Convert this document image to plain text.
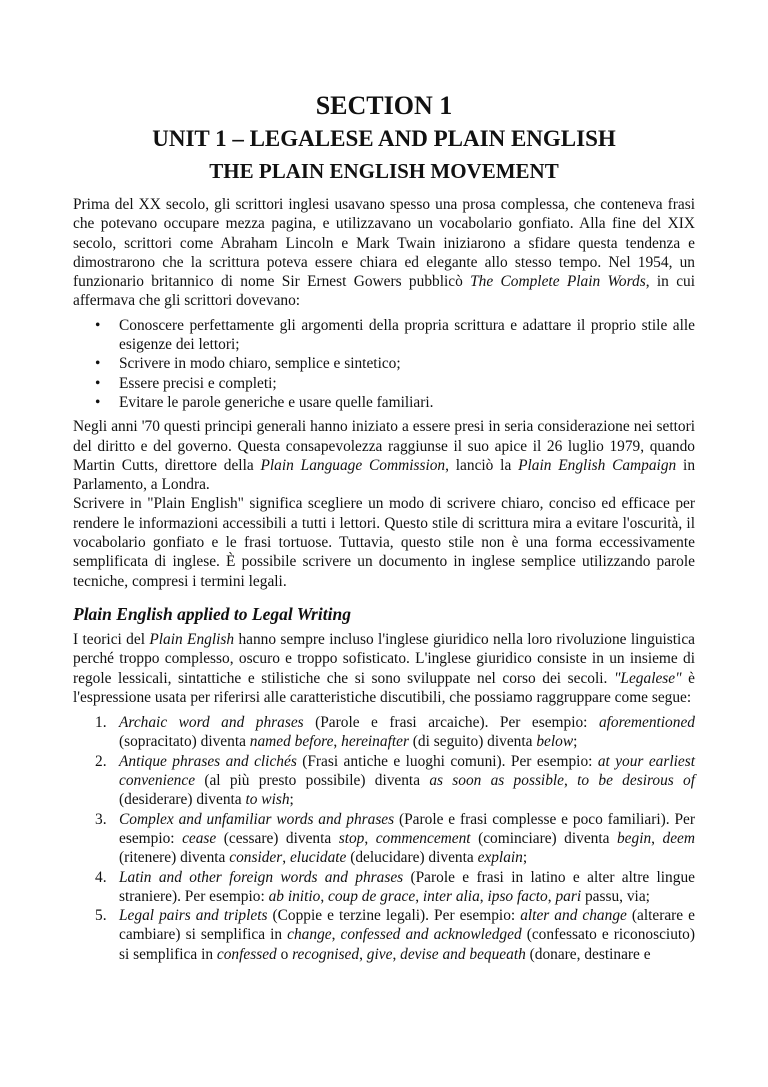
SECTION 1
UNIT 1 – LEGALESE AND PLAIN ENGLISH
THE PLAIN ENGLISH MOVEMENT

Prima del XX secolo, gli scrittori inglesi usavano spesso una prosa complessa, che conteneva frasi che potevano occupare mezza pagina, e utilizzavano un vocabolario gonfiato. Alla fine del XIX secolo, scrittori come Abraham Lincoln e Mark Twain iniziarono a sfidare questa tendenza e dimostrarono che la scrittura poteva essere chiara ed elegante allo stesso tempo. Nel 1954, un funzionario britannico di nome Sir Ernest Gowers pubblicò The Complete Plain Words, in cui affermava che gli scrittori dovevano:

• Conoscere perfettamente gli argomenti della propria scrittura e adattare il proprio stile alle esigenze dei lettori;
• Scrivere in modo chiaro, semplice e sintetico;
• Essere precisi e completi;
• Evitare le parole generiche e usare quelle familiari.

Negli anni '70 questi principi generali hanno iniziato a essere presi in seria considerazione nei settori del diritto e del governo. Questa consapevolezza raggiunse il suo apice il 26 luglio 1979, quando Martin Cutts, direttore della Plain Language Commission, lanciò la Plain English Campaign in Parlamento, a Londra.

Scrivere in "Plain English" significa scegliere un modo di scrivere chiaro, conciso ed efficace per rendere le informazioni accessibili a tutti i lettori. Questo stile di scrittura mira a evitare l'oscurità, il vocabolario gonfiato e le frasi tortuose. Tuttavia, questo stile non è una forma eccessivamente semplificata di inglese. È possibile scrivere un documento in inglese semplice utilizzando parole tecniche, compresi i termini legali.

Plain English applied to Legal Writing

I teorici del Plain English hanno sempre incluso l'inglese giuridico nella loro rivoluzione linguistica perché troppo complesso, oscuro e troppo sofisticato. L'inglese giuridico consiste in un insieme di regole lessicali, sintattiche e stilistiche che si sono sviluppate nel corso dei secoli. "Legalese" è l'espressione usata per riferirsi alle caratteristiche discutibili, che possiamo raggruppare come segue:

1. Archaic word and phrases (Parole e frasi arcaiche). Per esempio: aforementioned (sopracitato) diventa named before, hereinafter (di seguito) diventa below;
2. Antique phrases and clichés (Frasi antiche e luoghi comuni). Per esempio: at your earliest convenience (al più presto possibile) diventa as soon as possible, to be desirous of (desiderare) diventa to wish;
3. Complex and unfamiliar words and phrases (Parole e frasi complesse e poco familiari). Per esempio: cease (cessare) diventa stop, commencement (cominciare) diventa begin, deem (ritenere) diventa consider, elucidate (delucidare) diventa explain;
4. Latin and other foreign words and phrases (Parole e frasi in latino e alter altre lingue straniere). Per esempio: ab initio, coup de grace, inter alia, ipso facto, pari passu, via;
5. Legal pairs and triplets (Coppie e terzine legali). Per esempio: alter and change (alterare e cambiare) si semplifica in change, confessed and acknowledged (confessato e riconosciuto) si semplifica in confessed o recognised, give, devise and bequeath (donare, destinare e
